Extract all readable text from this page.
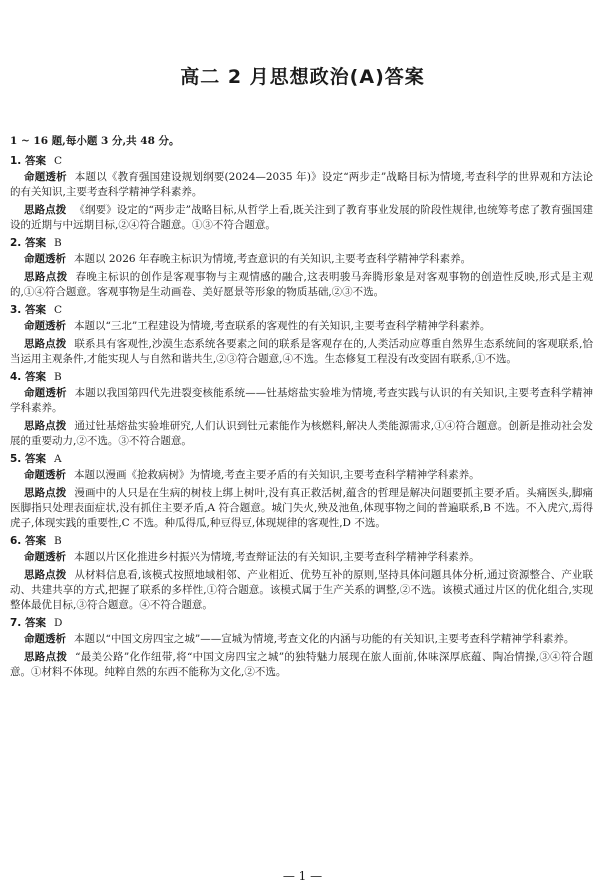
高二 2 月思想政治(A)答案
1 ~ 16 题,每小题 3 分,共 48 分。
1. 答案 C
命题透析 本题以《教育强国建设规划纲要(2024—2035 年)》设定“两步走”战略目标为情境,考查科学的世界观和方法论的有关知识,主要考查科学精神学科素养。
思路点拨 《纲要》设定的“两步走”战略目标,从哲学上看,既关注到了教育事业发展的阶段性规律,也统筹考虑了教育强国建设的近期与中远期目标,②④符合题意。①③不符合题意。
2. 答案 B
命题透析 本题以 2026 年春晚主标识为情境,考查意识的有关知识,主要考查科学精神学科素养。
思路点拨 春晚主标识的创作是客观事物与主观情感的融合,这表明骏马奔腾形象是对客观事物的创造性反映,形式是主观的,①④符合题意。客观事物是生动画卷、美好愿景等形象的物质基础,②③不选。
3. 答案 C
命题透析 本题以“三北”工程建设为情境,考查联系的客观性的有关知识,主要考查科学精神学科素养。
思路点拨 联系具有客观性,沙漠生态系统各要素之间的联系是客观存在的,人类活动应尊重自然界生态系统间的客观联系,恰当运用主观条件,才能实现人与自然和谐共生,②③符合题意,④不选。生态修复工程没有改变固有联系,①不选。
4. 答案 B
命题透析 本题以我国第四代先进裂变核能系统——钍基熔盐实验堆为情境,考查实践与认识的有关知识,主要考查科学精神学科素养。
思路点拨 通过钍基熔盐实验堆研究,人们认识到钍元素能作为核燃料,解决人类能源需求,①④符合题意。创新是推动社会发展的重要动力,②不选。③不符合题意。
5. 答案 A
命题透析 本题以漫画《抢救病树》为情境,考查主要矛盾的有关知识,主要考查科学精神学科素养。
思路点拨 漫画中的人只是在生病的树枝上绑上树叶,没有真正救活树,蕴含的哲理是解决问题要抓主要矛盾。头痛医头,脚痛医脚指只处理表面症状,没有抓住主要矛盾,A 符合题意。城门失火,殃及池鱼,体现事物之间的普遍联系,B 不选。不入虎穴,焉得虎子,体现实践的重要性,C 不选。种瓜得瓜,种豆得豆,体现规律的客观性,D 不选。
6. 答案 B
命题透析 本题以片区化推进乡村振兴为情境,考查辩证法的有关知识,主要考查科学精神学科素养。
思路点拨 从材料信息看,该模式按照地域相邻、产业相近、优势互补的原则,坚持具体问题具体分析,通过资源整合、产业联动、共建共享的方式,把握了联系的多样性,①符合题意。该模式属于生产关系的调整,②不选。该模式通过片区的优化组合,实现整体最优目标,③符合题意。④不符合题意。
7. 答案 D
命题透析 本题以“中国文房四宝之城”——宣城为情境,考查文化的内涵与功能的有关知识,主要考查科学精神学科素养。
思路点拨 “最美公路”化作纽带,将“中国文房四宝之城”的独特魅力展现在旅人面前,体味深厚底蕴、陶冶情操,③④符合题意。①材料不体现。纯粹自然的东西不能称为文化,②不选。
— 1 —
